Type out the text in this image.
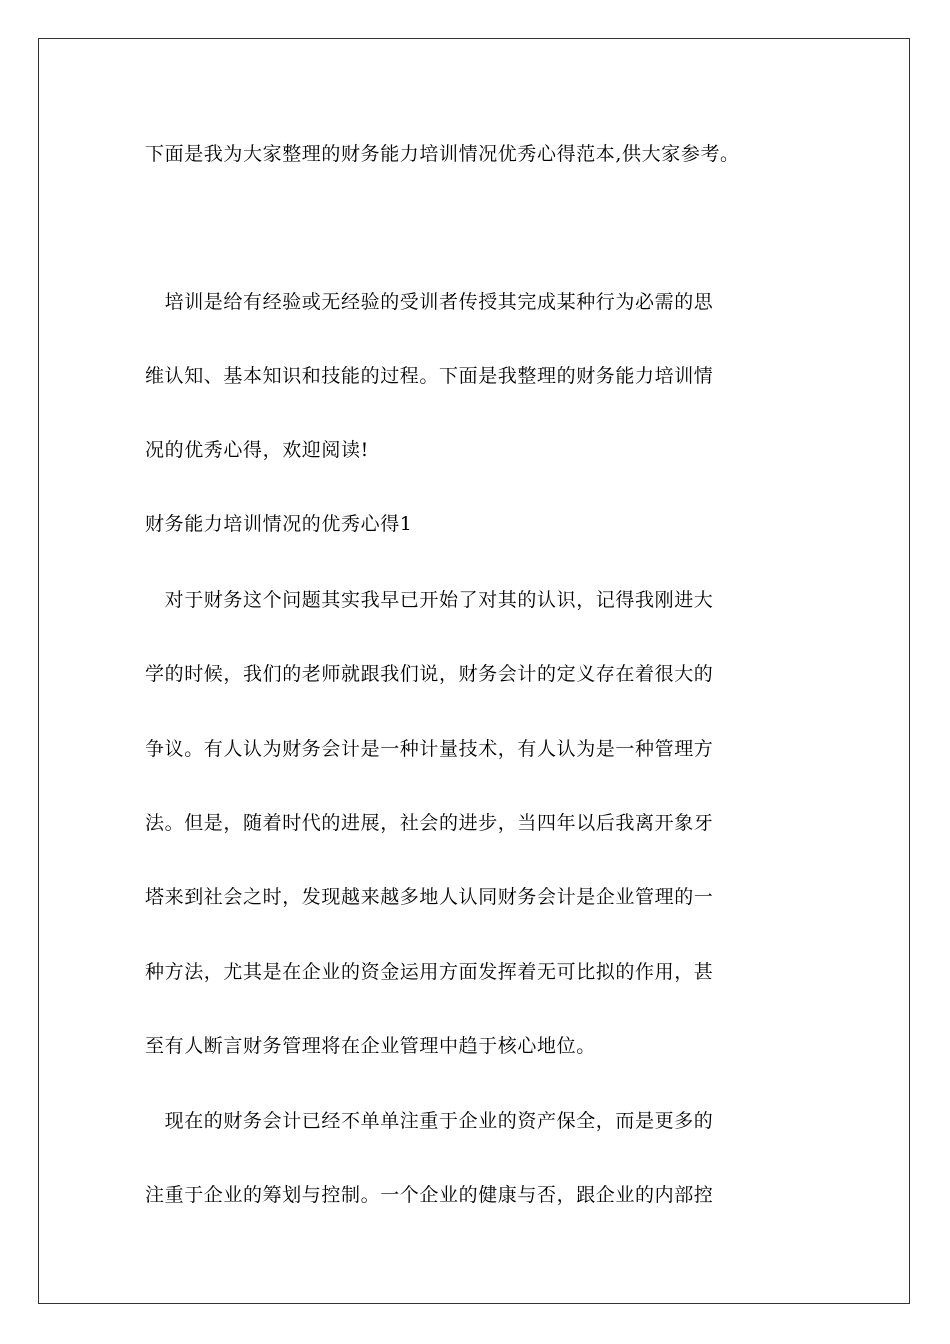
下面是我为大家整理的财务能力培训情况优秀心得范本,供大家参考。
　培训是给有经验或无经验的受训者传授其完成某种行为必需的思
维认知、基本知识和技能的过程。下面是我整理的财务能力培训情
况的优秀心得，欢迎阅读!
财务能力培训情况的优秀心得1
　对于财务这个问题其实我早已开始了对其的认识，记得我刚进大
学的时候，我们的老师就跟我们说，财务会计的定义存在着很大的
争议。有人认为财务会计是一种计量技术，有人认为是一种管理方
法。但是，随着时代的进展，社会的进步，当四年以后我离开象牙
塔来到社会之时，发现越来越多地人认同财务会计是企业管理的一
种方法，尤其是在企业的资金运用方面发挥着无可比拟的作用，甚
至有人断言财务管理将在企业管理中趋于核心地位。
　现在的财务会计已经不单单注重于企业的资产保全，而是更多的
注重于企业的筹划与控制。一个企业的健康与否，跟企业的内部控
